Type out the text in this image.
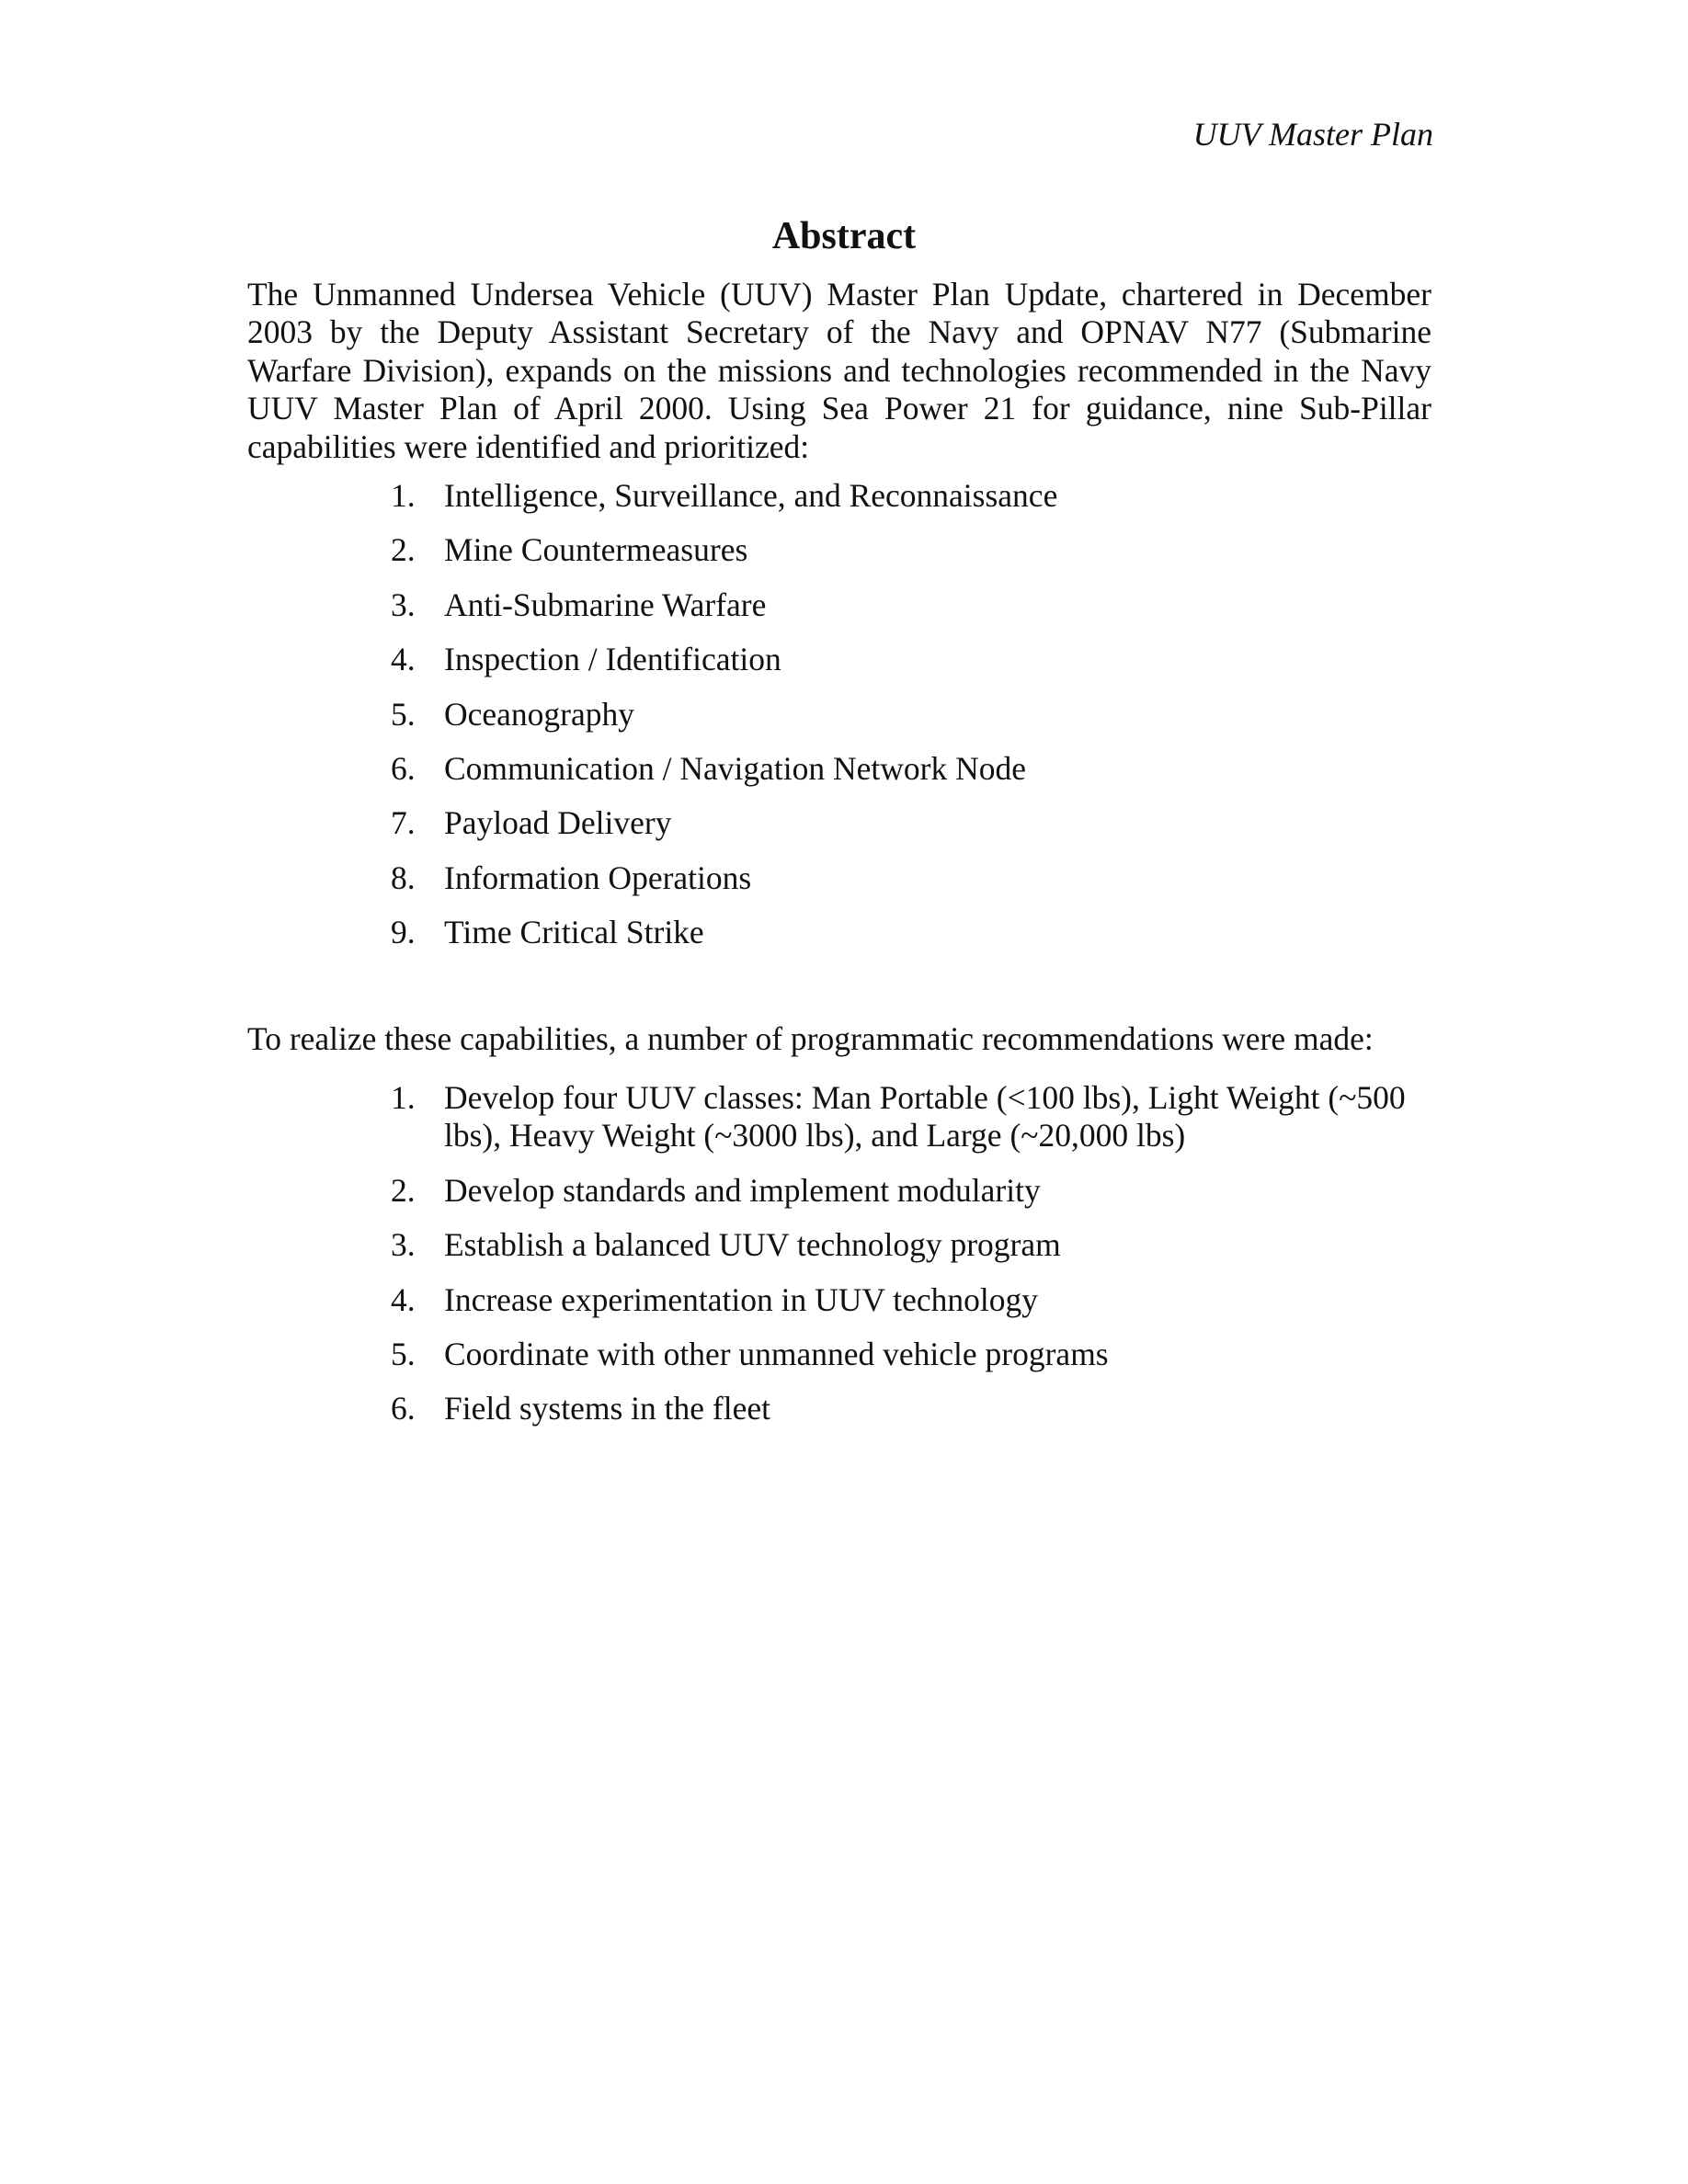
UUV Master Plan
Abstract

The Unmanned Undersea Vehicle (UUV) Master Plan Update, chartered in December 2003 by the Deputy Assistant Secretary of the Navy and OPNAV N77 (Submarine Warfare Division), expands on the missions and technologies recommended in the Navy UUV Master Plan of April 2000. Using Sea Power 21 for guidance, nine Sub-Pillar capabilities were identified and prioritized:

1. Intelligence, Surveillance, and Reconnaissance
2. Mine Countermeasures
3. Anti-Submarine Warfare
4. Inspection / Identification
5. Oceanography
6. Communication / Navigation Network Node
7. Payload Delivery
8. Information Operations
9. Time Critical Strike

To realize these capabilities, a number of programmatic recommendations were made:

1. Develop four UUV classes: Man Portable (<100 lbs), Light Weight (~500 lbs), Heavy Weight (~3000 lbs), and Large (~20,000 lbs)
2. Develop standards and implement modularity
3. Establish a balanced UUV technology program
4. Increase experimentation in UUV technology
5. Coordinate with other unmanned vehicle programs
6. Field systems in the fleet
